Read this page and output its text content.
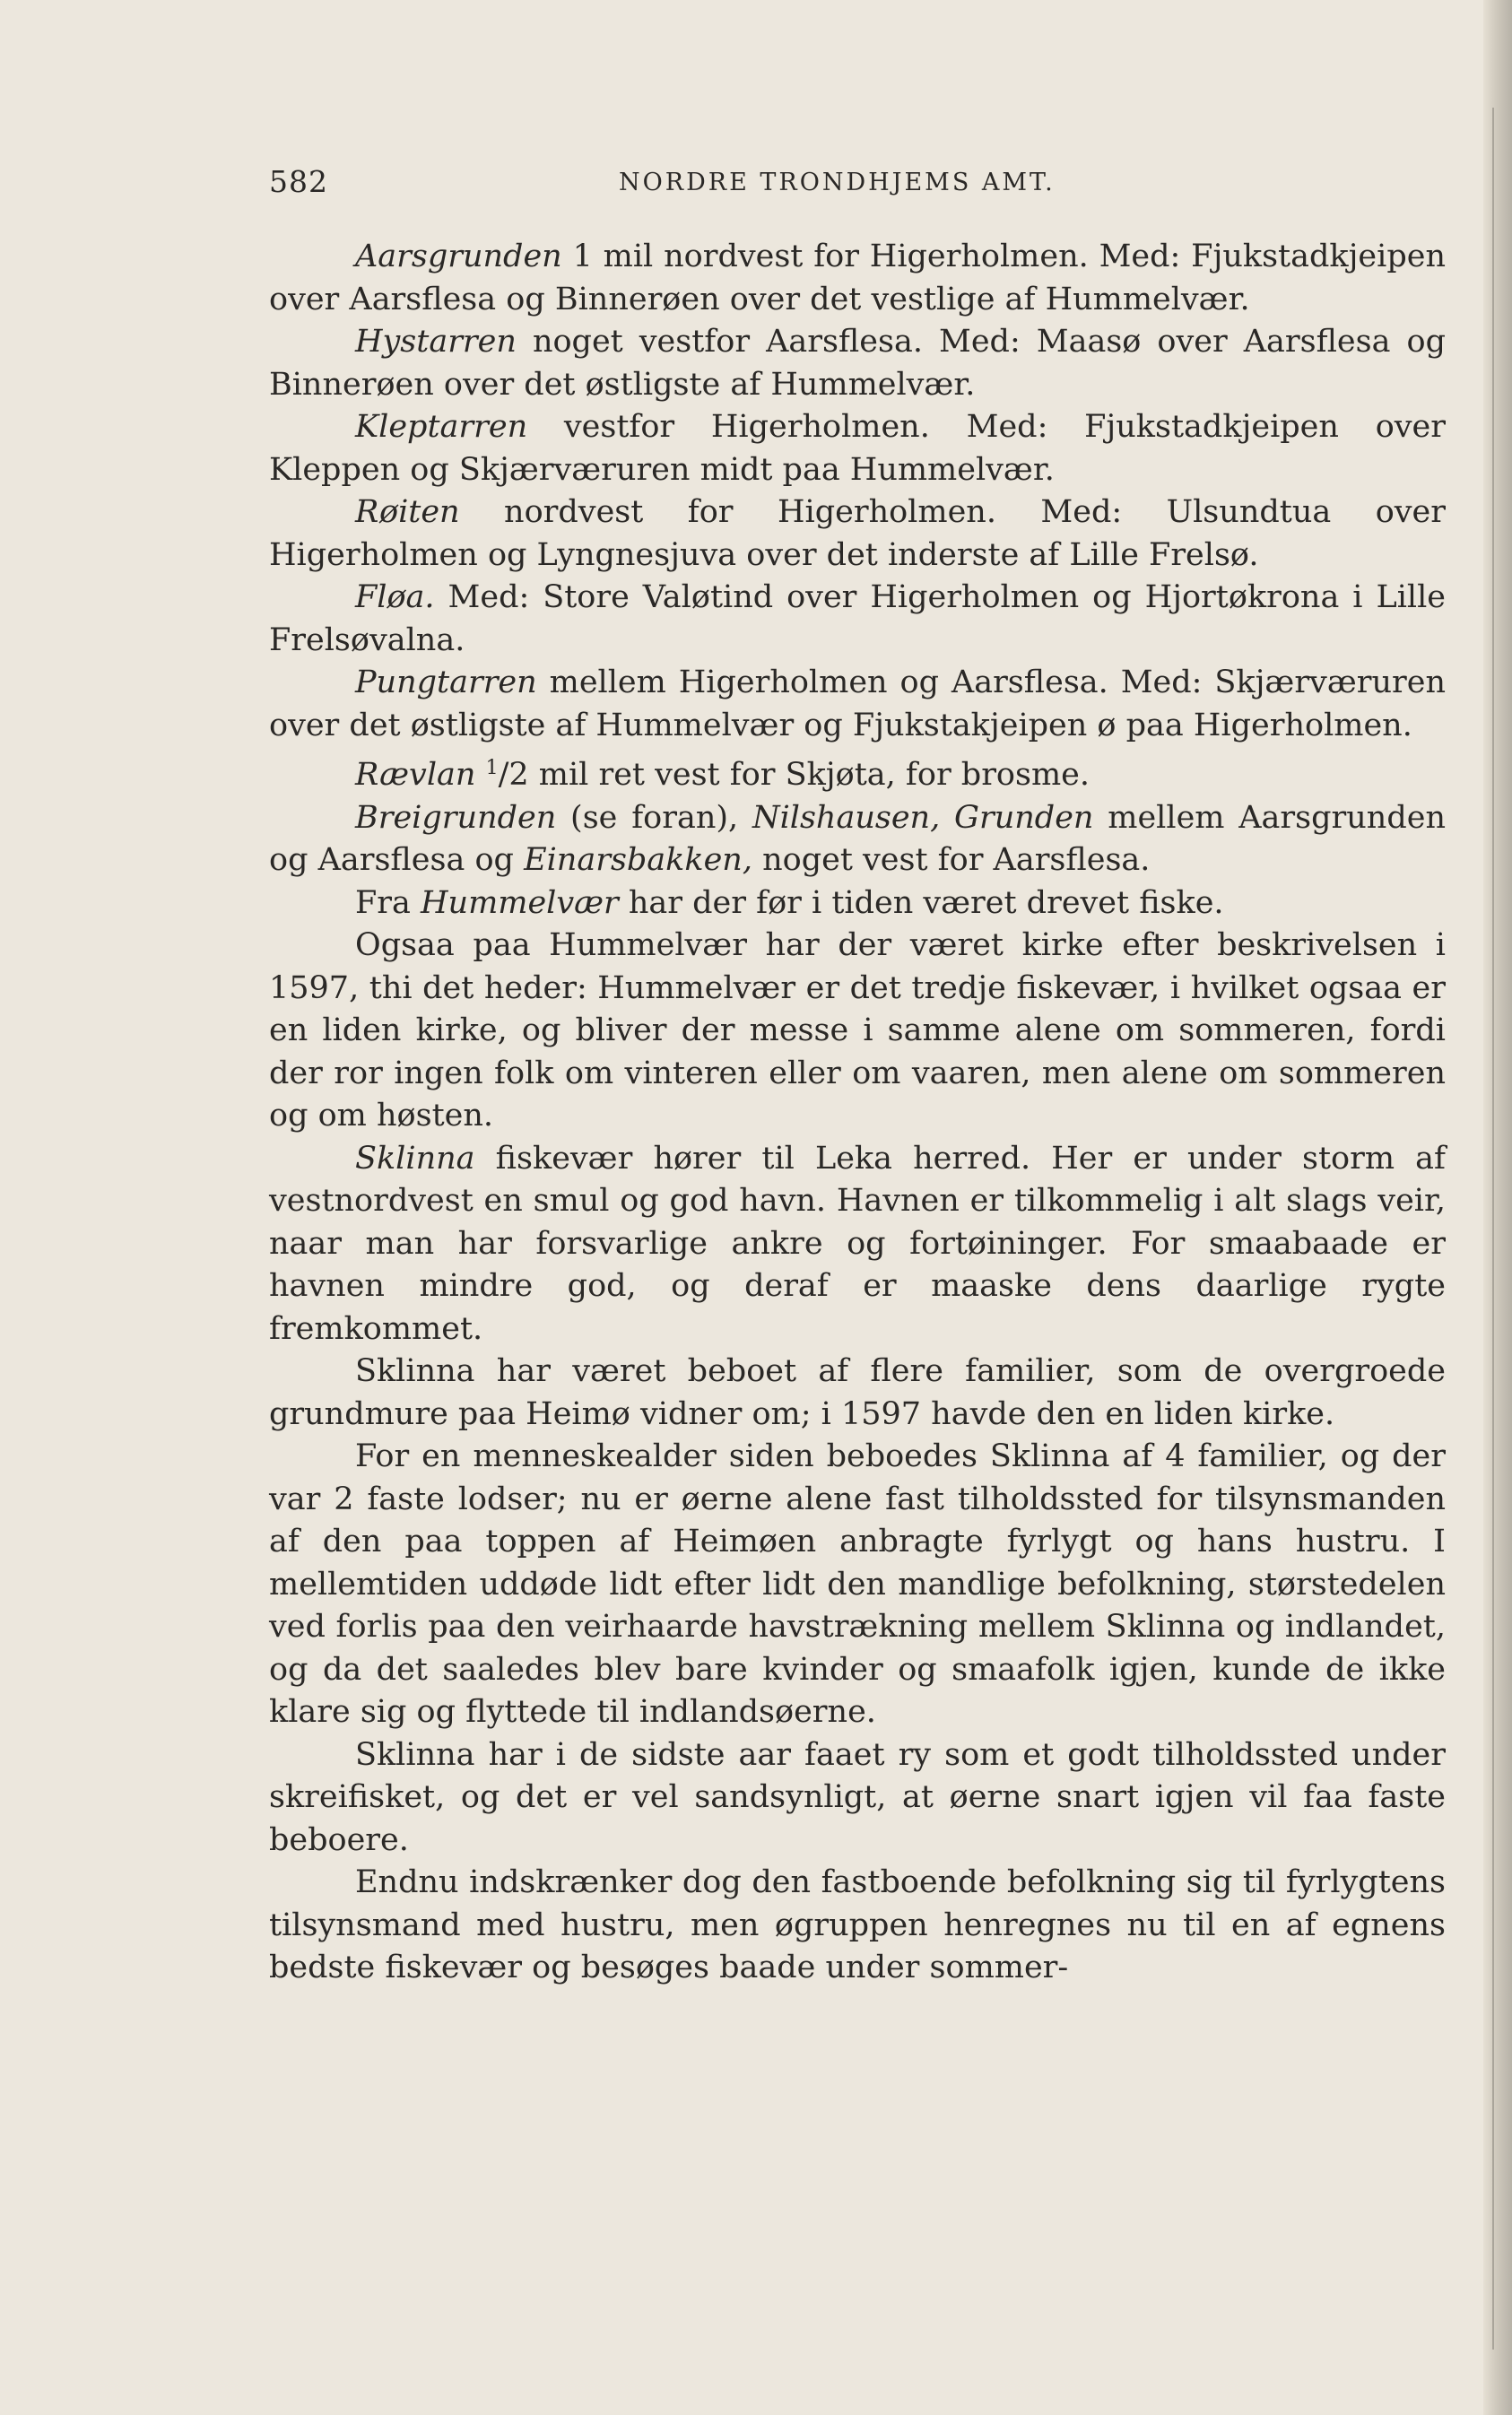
582	NORDRE TRONDHJEMS AMT.

Aarsgrunden 1 mil nordvest for Higerholmen. Med: Fjukstadkjeipen over Aarsflesa og Binnerøen over det vestlige af Hummelvær.

Hystarren noget vestfor Aarsflesa. Med: Maasø over Aarsflesa og Binnerøen over det østligste af Hummelvær.

Kleptarren vestfor Higerholmen. Med: Fjukstadkjeipen over Kleppen og Skjærværuren midt paa Hummelvær.

Røiten nordvest for Higerholmen. Med: Ulsundtua over Higerholmen og Lyngnesjuva over det inderste af Lille Frelsø.

Fløa. Med: Store Valøtind over Higerholmen og Hjortøkrona i Lille Frelsøvalna.

Pungtarren mellem Higerholmen og Aarsflesa. Med: Skjærværuren over det østligste af Hummelvær og Fjukstakjeipen ø paa Higerholmen.

Rævlan $^1$/2 mil ret vest for Skjøta, for brosme.

Breigrunden (se foran), Nilshausen, Grunden mellem Aarsgrunden og Aarsflesa og Einarsbakken, noget vest for Aarsflesa.

Fra Hummelvær har der før i tiden været drevet fiske.

Ogsaa paa Hummelvær har der været kirke efter beskrivelsen i 1597, thi det heder: Hummelvær er det tredje fiskevær, i hvilket ogsaa er en liden kirke, og bliver der messe i samme alene om sommeren, fordi der ror ingen folk om vinteren eller om vaaren, men alene om sommeren og om høsten.

Sklinna fiskevær hører til Leka herred. Her er under storm af vestnordvest en smul og god havn. Havnen er tilkommelig i alt slags veir, naar man har forsvarlige ankre og fortøininger. For smaabaade er havnen mindre god, og deraf er maaske dens daarlige rygte fremkommet.

Sklinna har været beboet af flere familier, som de overgroede grundmure paa Heimø vidner om; i 1597 havde den en liden kirke.

For en menneskealder siden beboedes Sklinna af 4 familier, og der var 2 faste lodser; nu er øerne alene fast tilholdssted for tilsynsmanden af den paa toppen af Heimøen anbragte fyrlygt og hans hustru. I mellemtiden uddøde lidt efter lidt den mandlige befolkning, størstedelen ved forlis paa den veirhaarde havstrækning mellem Sklinna og indlandet, og da det saaledes blev bare kvinder og smaafolk igjen, kunde de ikke klare sig og flyttede til indlandsøerne.

Sklinna har i de sidste aar faaet ry som et godt tilholdssted under skreifisket, og det er vel sandsynligt, at øerne snart igjen vil faa faste beboere.

Endnu indskrænker dog den fastboende befolkning sig til fyrlygtens tilsynsmand med hustru, men øgruppen henregnes nu til en af egnens bedste fiskevær og besøges baade under sommer-
